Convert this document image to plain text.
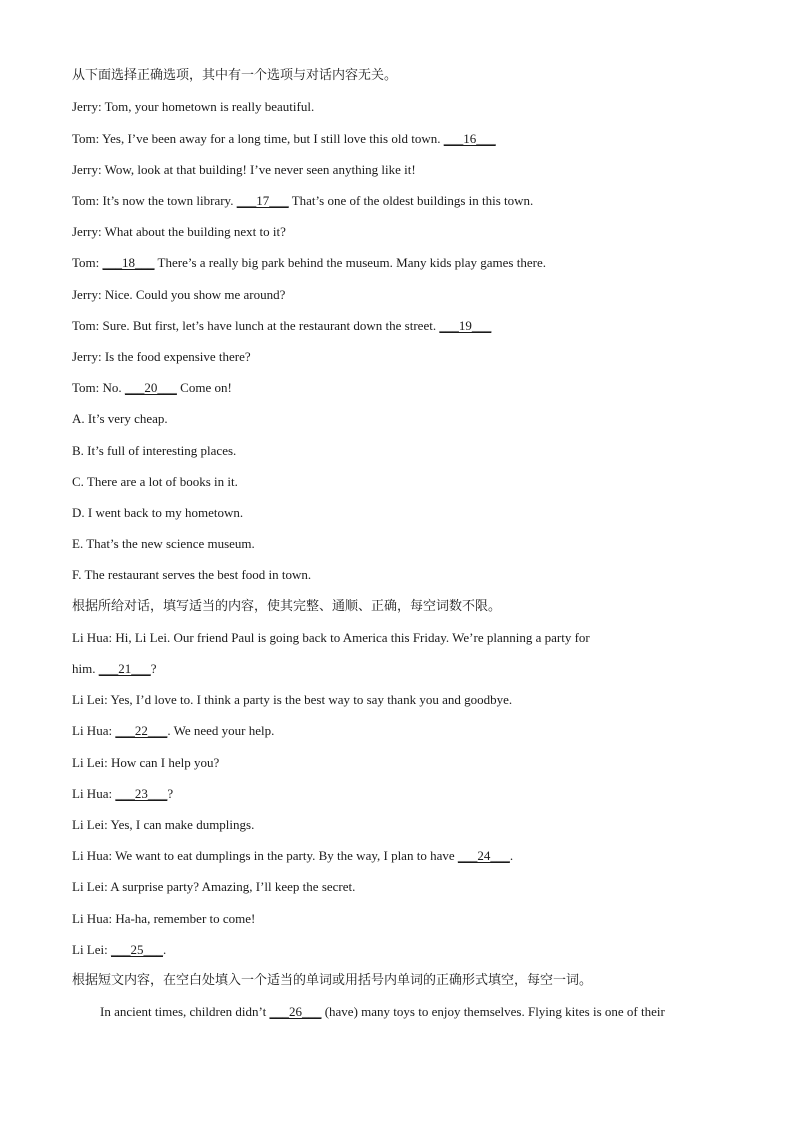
从下面选择正确选项，其中有一个选项与对话内容无关。
Jerry: Tom, your hometown is really beautiful.
Tom: Yes, I’ve been away for a long time, but I still love this old town. ___16___
Jerry: Wow, look at that building! I’ve never seen anything like it!
Tom: It’s now the town library. ___17___ That’s one of the oldest buildings in this town.
Jerry: What about the building next to it?
Tom: ___18___ There’s a really big park behind the museum. Many kids play games there.
Jerry: Nice. Could you show me around?
Tom: Sure. But first, let’s have lunch at the restaurant down the street. ___19___
Jerry: Is the food expensive there?
Tom: No. ___20___ Come on!
A. It’s very cheap.
B. It’s full of interesting places.
C. There are a lot of books in it.
D. I went back to my hometown.
E. That’s the new science museum.
F. The restaurant serves the best food in town.
根据所给对话，填写适当的内容，使其完整、通顺、正确，每空词数不限。
Li Hua: Hi, Li Lei. Our friend Paul is going back to America this Friday. We’re planning a party for
him. ___21___?
Li Lei: Yes, I’d love to. I think a party is the best way to say thank you and goodbye.
Li Hua: ___22___. We need your help.
Li Lei: How can I help you?
Li Hua: ___23___?
Li Lei: Yes, I can make dumplings.
Li Hua: We want to eat dumplings in the party. By the way, I plan to have ___24___.
Li Lei: A surprise party? Amazing, I’ll keep the secret.
Li Hua: Ha-ha, remember to come!
Li Lei: ___25___.
根据短文内容，在空白处填入一个适当的单词或用括号内单词的正确形式填空，每空一词。
In ancient times, children didn’t ___26___ (have) many toys to enjoy themselves. Flying kites is one of their
